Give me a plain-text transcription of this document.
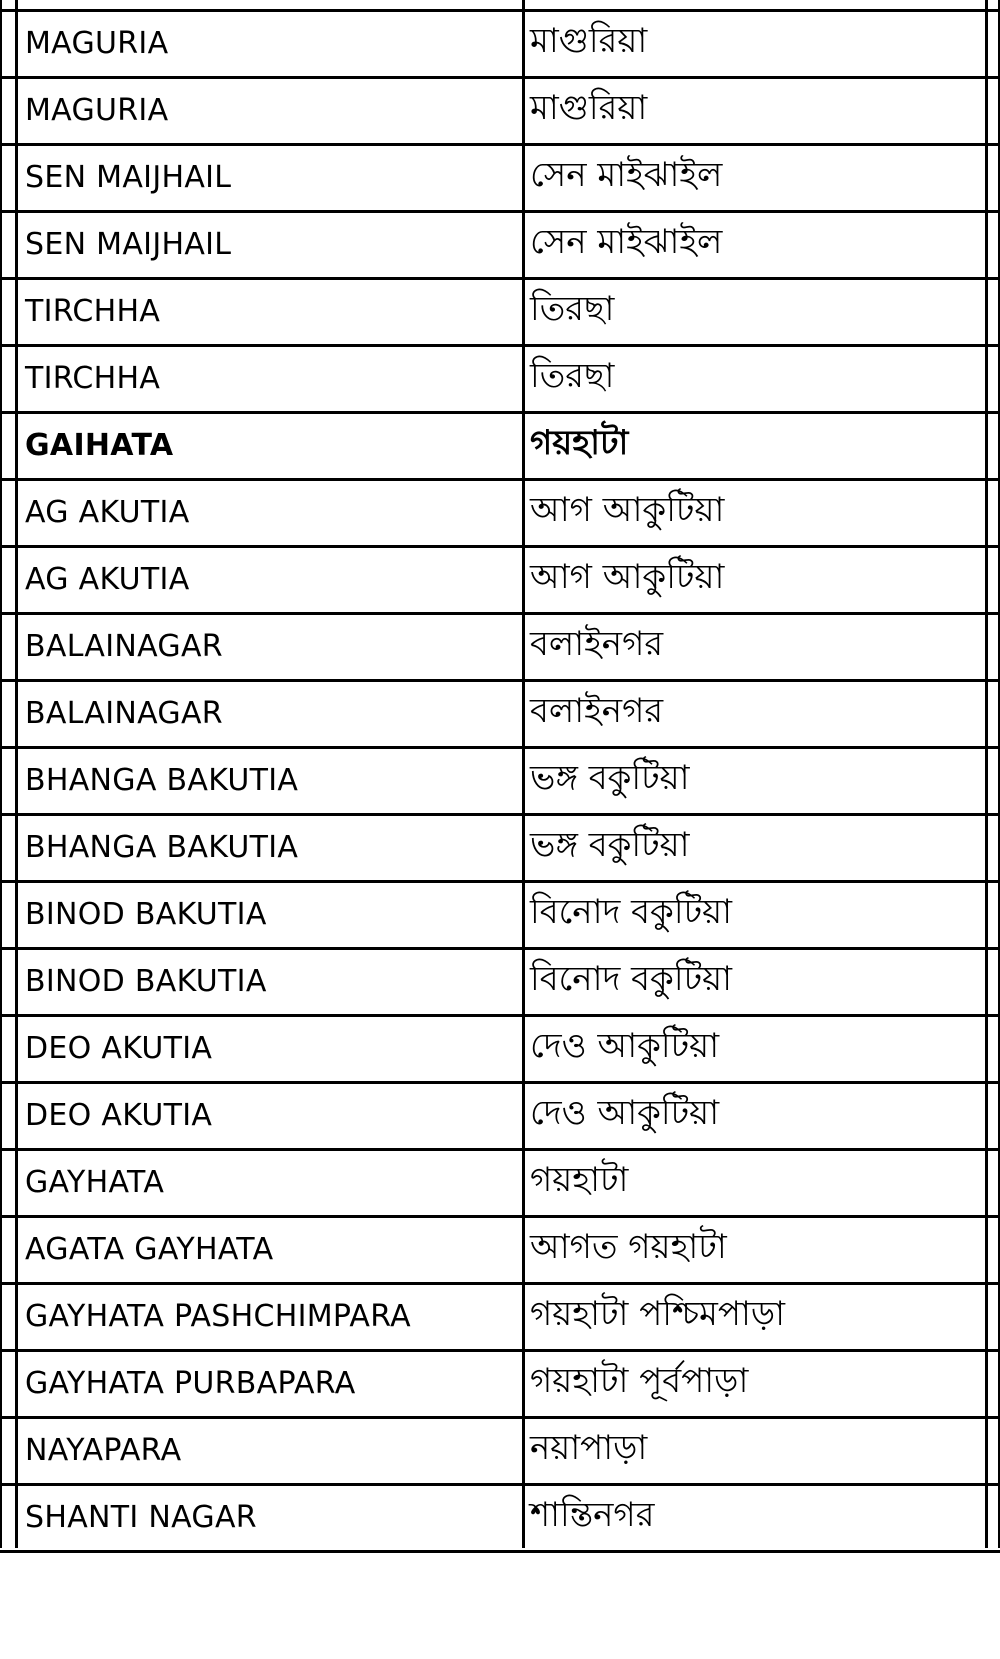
MAGURIA	মাগুরিয়া
MAGURIA	মাগুরিয়া
SEN MAIJHAIL	সেন মাইঝাইল
SEN MAIJHAIL	সেন মাইঝাইল
TIRCHHA	তিরছা
TIRCHHA	তিরছা
GAIHATA	গয়হাটা
AG AKUTIA	আগ আকুটিয়া
AG AKUTIA	আগ আকুটিয়া
BALAINAGAR	বলাইনগর
BALAINAGAR	বলাইনগর
BHANGA BAKUTIA	ভঙ্গ বকুটিয়া
BHANGA BAKUTIA	ভঙ্গ বকুটিয়া
BINOD BAKUTIA	বিনোদ বকুটিয়া
BINOD BAKUTIA	বিনোদ বকুটিয়া
DEO AKUTIA	দেও আকুটিয়া
DEO AKUTIA	দেও আকুটিয়া
GAYHATA	গয়হাটা
AGATA GAYHATA	আগত গয়হাটা
GAYHATA PASHCHIMPARA	গয়হাটা পশ্চিমপাড়া
GAYHATA PURBAPARA	গয়হাটা পূর্বপাড়া
NAYAPARA	নয়াপাড়া
SHANTI NAGAR	শান্তিনগর
